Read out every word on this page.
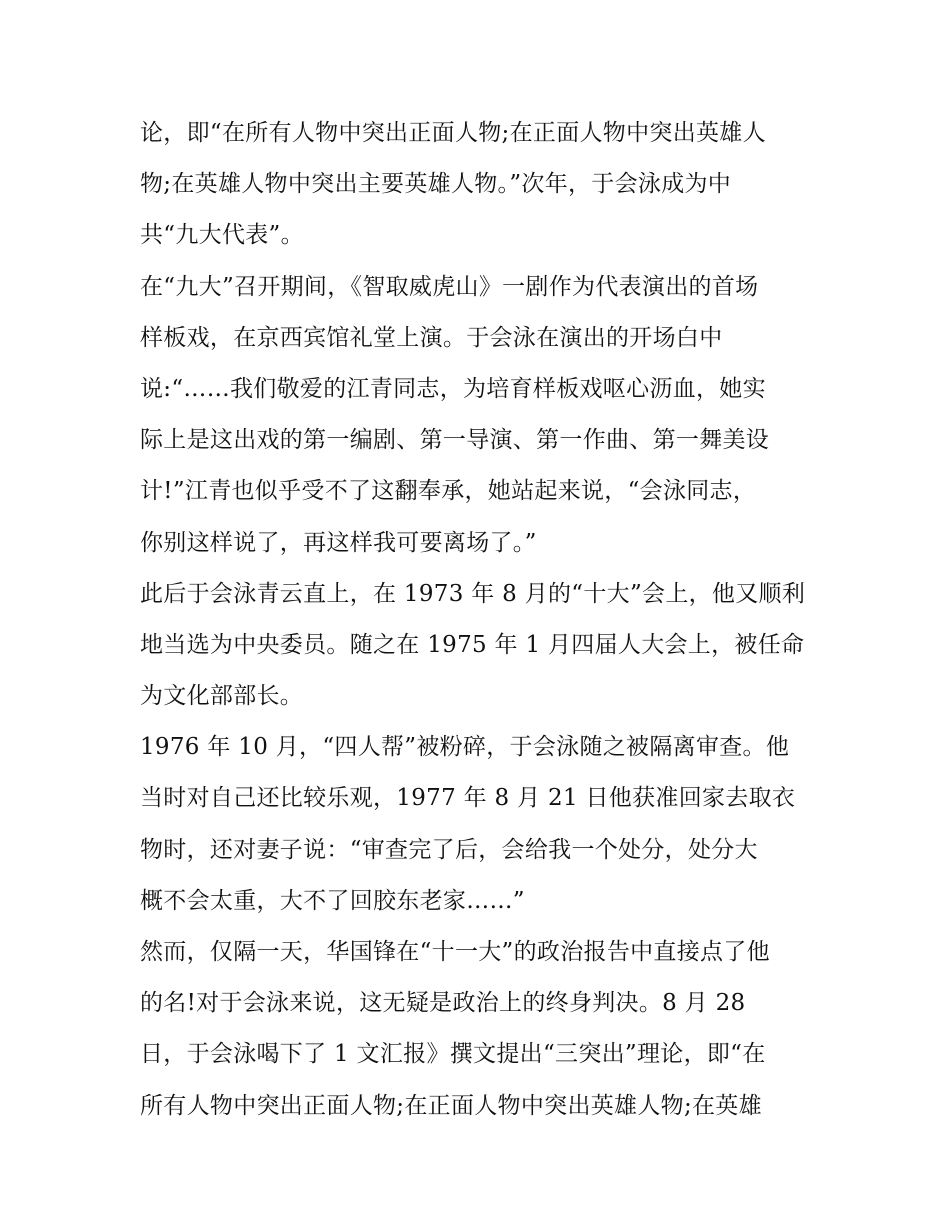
论，即“在所有人物中突出正面人物;在正面人物中突出英雄人
物;在英雄人物中突出主要英雄人物。”次年，于会泳成为中
共“九大代表”。
在“九大”召开期间，《智取威虎山》一剧作为代表演出的首场
样板戏，在京西宾馆礼堂上演。于会泳在演出的开场白中
说:“……我们敬爱的江青同志，为培育样板戏呕心沥血，她实
际上是这出戏的第一编剧、第一导演、第一作曲、第一舞美设
计!”江青也似乎受不了这翻奉承，她站起来说，“会泳同志，
你别这样说了，再这样我可要离场了。”
此后于会泳青云直上，在 1973 年 8 月的“十大”会上，他又顺利
地当选为中央委员。随之在 1975 年 1 月四届人大会上，被任命
为文化部部长。
1976 年 10 月，“四人帮”被粉碎，于会泳随之被隔离审查。他
当时对自己还比较乐观，1977 年 8 月 21 日他获准回家去取衣
物时，还对妻子说：“审查完了后，会给我一个处分，处分大
概不会太重，大不了回胶东老家……”
然而，仅隔一天，华国锋在“十一大”的政治报告中直接点了他
的名!对于会泳来说，这无疑是政治上的终身判决。8 月 28
日，于会泳喝下了 1 文汇报》撰文提出“三突出”理论，即“在
所有人物中突出正面人物;在正面人物中突出英雄人物;在英雄
